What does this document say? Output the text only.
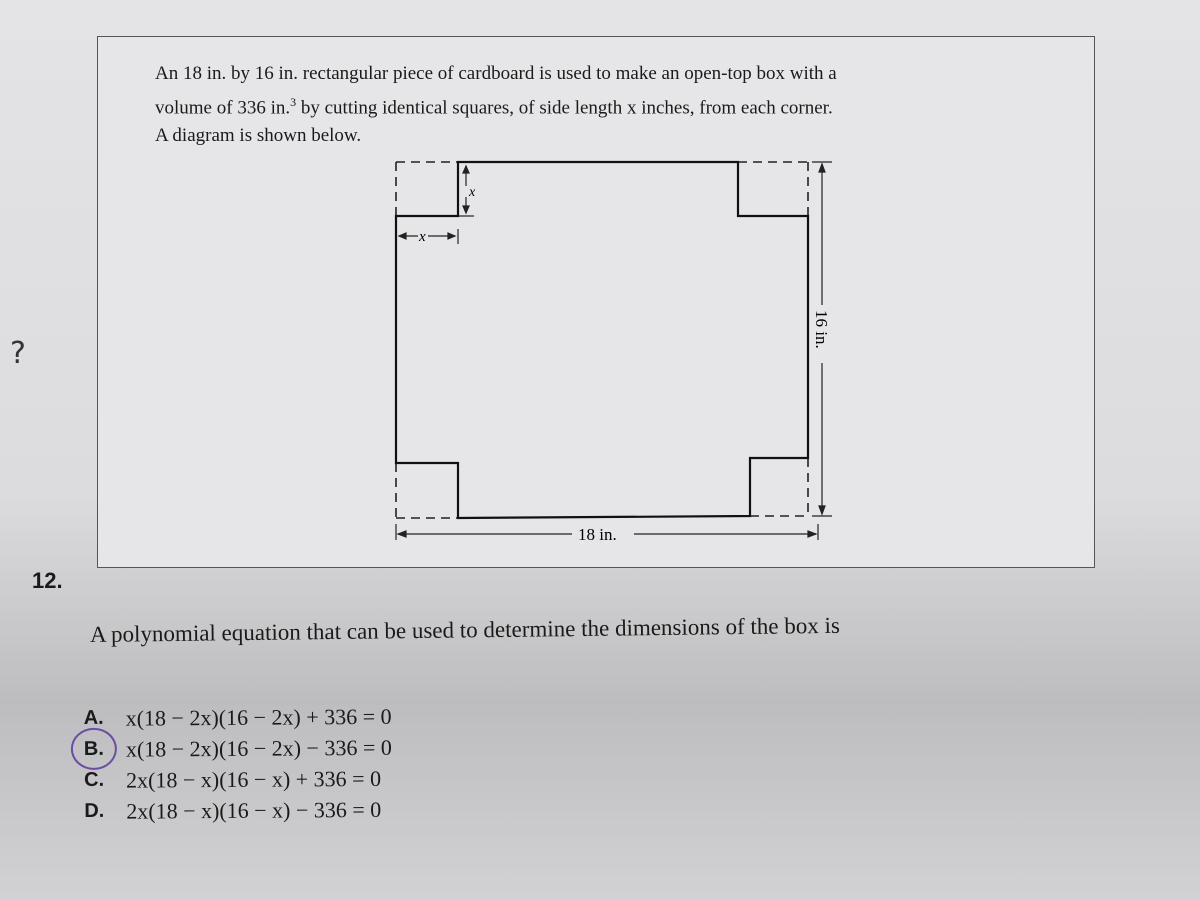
An 18 in. by 16 in. rectangular piece of cardboard is used to make an open-top box with a

volume of 336 in.$^3$ by cutting identical squares, of side length x inches, from each corner.

A diagram is shown below.

x
x
18 in.
16 in.
?
12.
A polynomial equation that can be used to determine the dimensions of the box is
A. x(18 − 2x)(16 − 2x) + 336 = 0
B. x(18 − 2x)(16 − 2x) − 336 = 0
C. 2x(18 − x)(16 − x) + 336 = 0
D. 2x(18 − x)(16 − x) − 336 = 0
